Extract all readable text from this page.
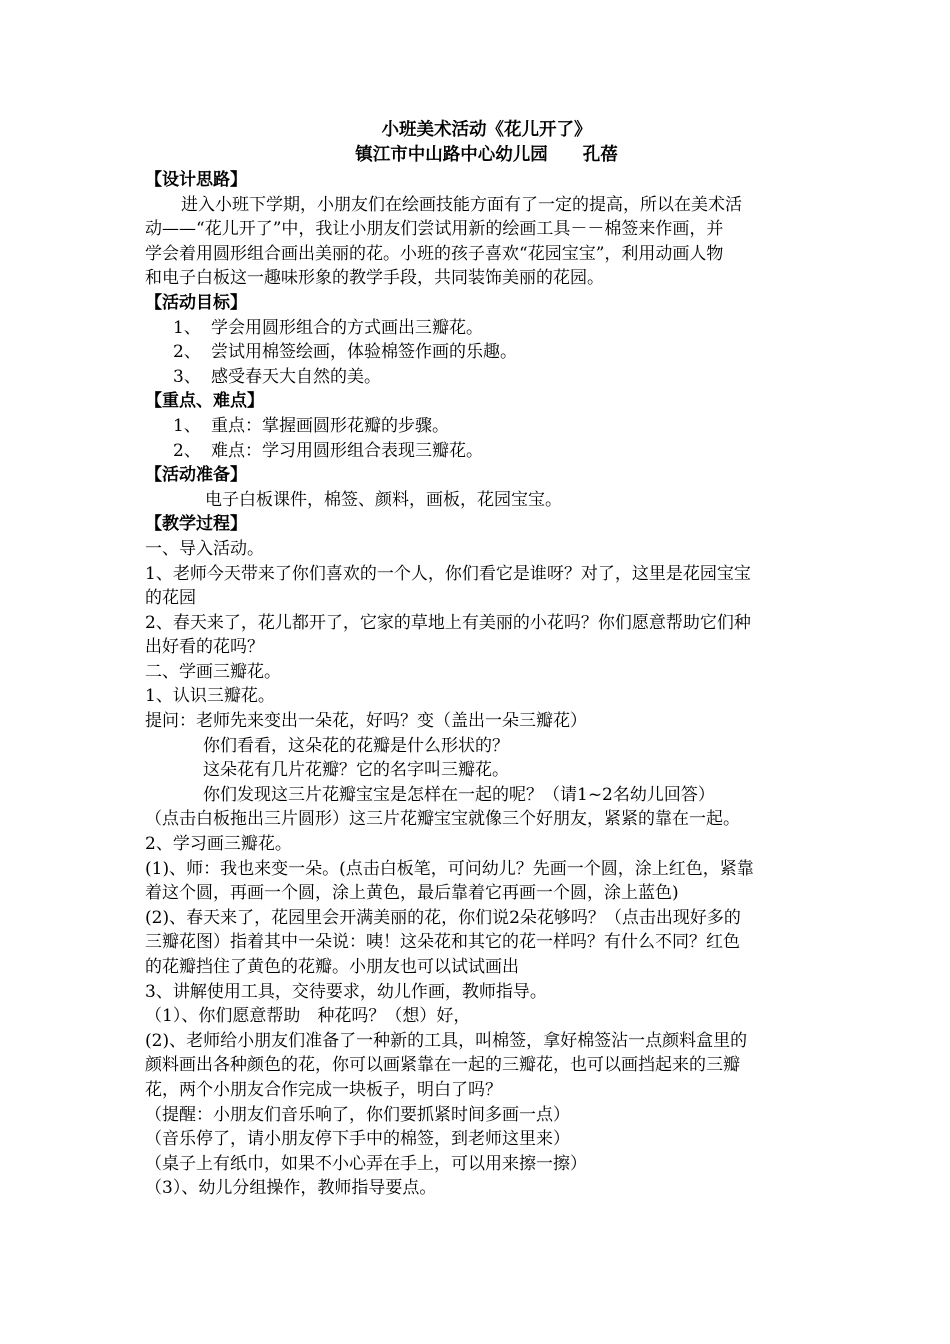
小班美术活动《花儿开了》
镇江市中山路中心幼儿园　　孔蓓
【设计思路】
进入小班下学期，小朋友们在绘画技能方面有了一定的提高，所以在美术活
动——“花儿开了”中，我让小朋友们尝试用新的绘画工具－－棉签来作画，并
学会着用圆形组合画出美丽的花。小班的孩子喜欢“花园宝宝”，利用动画人物
和电子白板这一趣味形象的教学手段，共同装饰美丽的花园。
【活动目标】
1、 学会用圆形组合的方式画出三瓣花。
2、 尝试用棉签绘画，体验棉签作画的乐趣。
3、 感受春天大自然的美。
【重点、难点】
1、 重点：掌握画圆形花瓣的步骤。
2、 难点：学习用圆形组合表现三瓣花。
【活动准备】
电子白板课件，棉签、颜料，画板，花园宝宝。
【教学过程】
一、导入活动。
1、老师今天带来了你们喜欢的一个人，你们看它是谁呀？对了，这里是花园宝宝
的花园
2、春天来了，花儿都开了，它家的草地上有美丽的小花吗？你们愿意帮助它们种
出好看的花吗？
二、学画三瓣花。
1、认识三瓣花。
提问：老师先来变出一朵花，好吗？变（盖出一朵三瓣花）
你们看看，这朵花的花瓣是什么形状的？
这朵花有几片花瓣？它的名字叫三瓣花。
你们发现这三片花瓣宝宝是怎样在一起的呢？（请1~2名幼儿回答）
（点击白板拖出三片圆形）这三片花瓣宝宝就像三个好朋友，紧紧的靠在一起。
2、学习画三瓣花。
(1)、师：我也来变一朵。(点击白板笔，可问幼儿？先画一个圆，涂上红色，紧靠
着这个圆，再画一个圆，涂上黄色，最后靠着它再画一个圆，涂上蓝色)
(2)、春天来了，花园里会开满美丽的花，你们说2朵花够吗？（点击出现好多的
三瓣花图）指着其中一朵说：咦！这朵花和其它的花一样吗？有什么不同？红色
的花瓣挡住了黄色的花瓣。小朋友也可以试试画出
3、讲解使用工具，交待要求，幼儿作画，教师指导。
（1）、你们愿意帮助　种花吗？（想）好，
(2)、老师给小朋友们准备了一种新的工具，叫棉签，拿好棉签沾一点颜料盒里的
颜料画出各种颜色的花，你可以画紧靠在一起的三瓣花，也可以画挡起来的三瓣
花，两个小朋友合作完成一块板子，明白了吗？
（提醒：小朋友们音乐响了，你们要抓紧时间多画一点）
（音乐停了，请小朋友停下手中的棉签，到老师这里来）
（桌子上有纸巾，如果不小心弄在手上，可以用来擦一擦）
（3）、幼儿分组操作，教师指导要点。
